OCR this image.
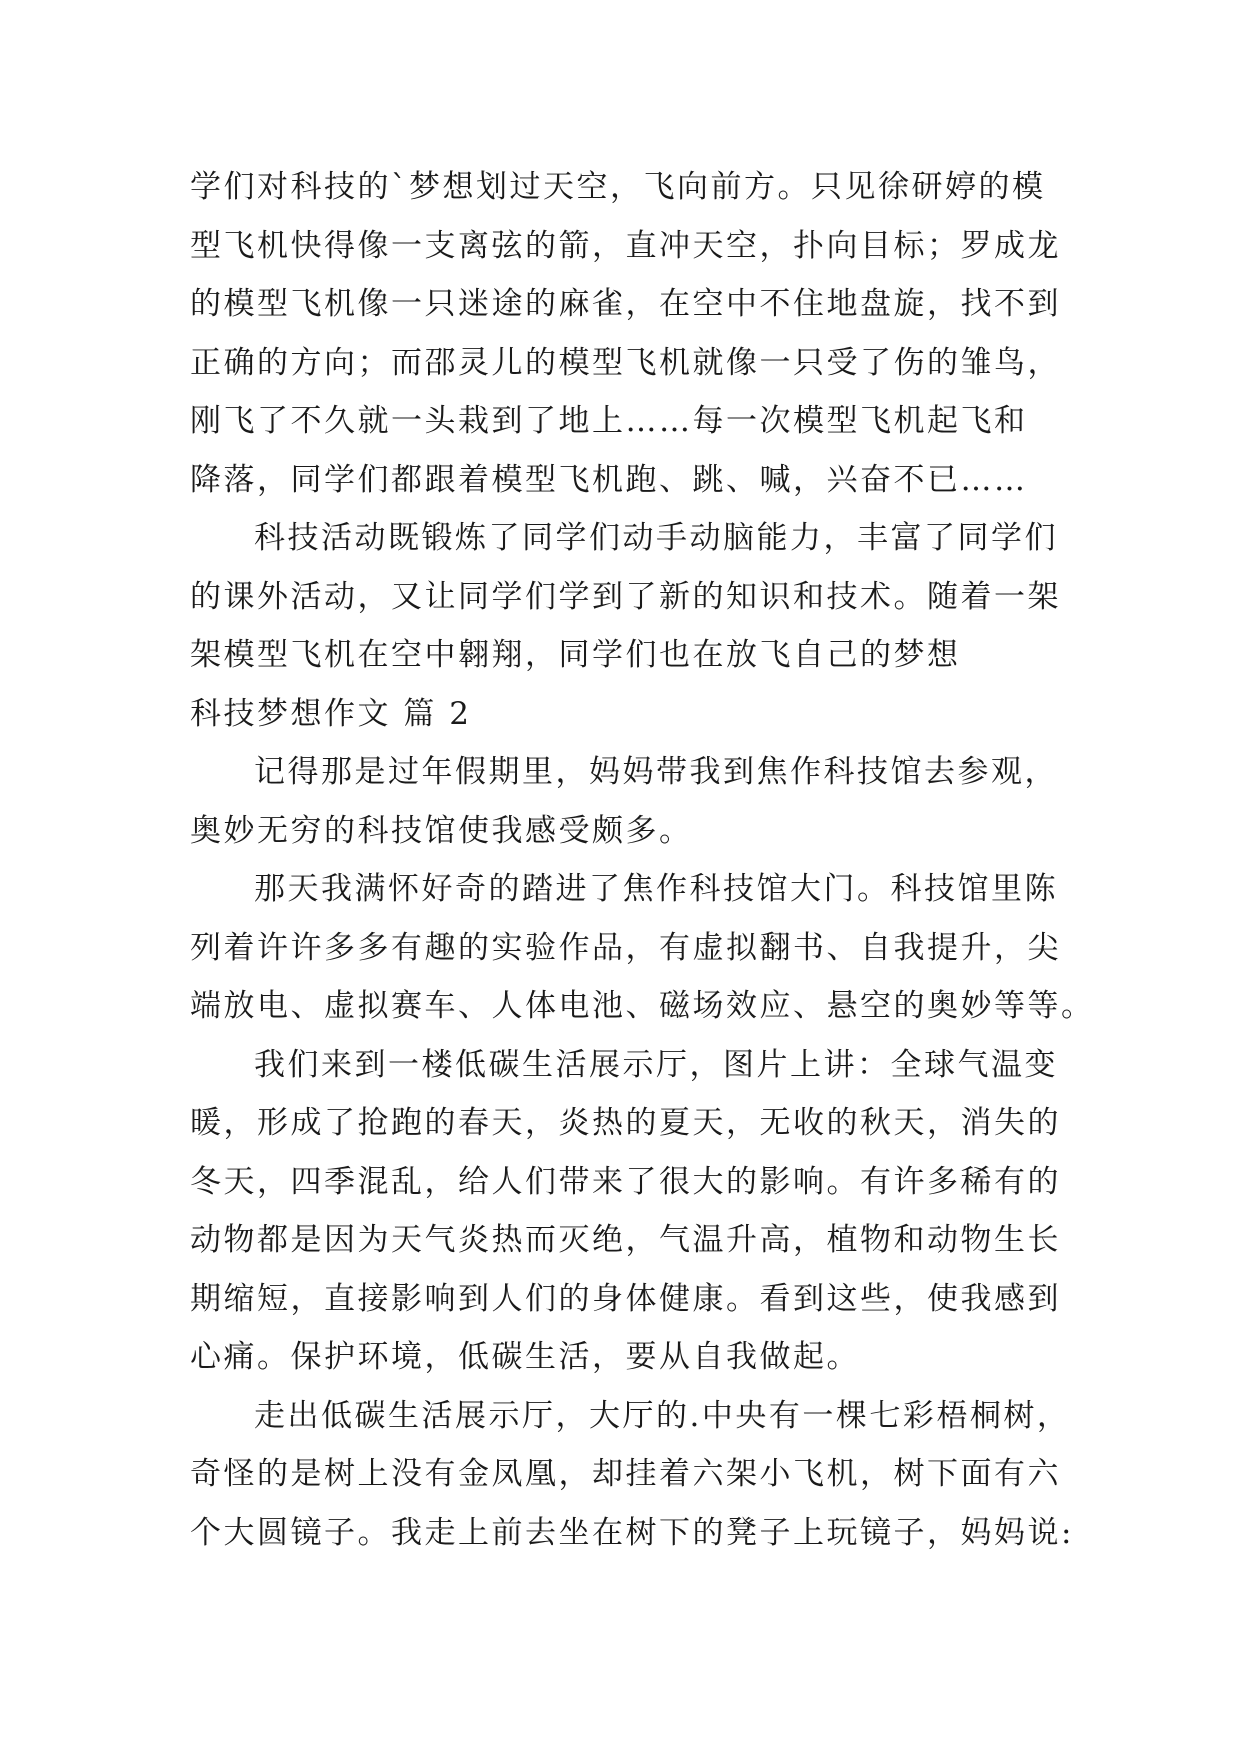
学们对科技的`梦想划过天空，飞向前方。只见徐研婷的模
型飞机快得像一支离弦的箭，直冲天空，扑向目标；罗成龙
的模型飞机像一只迷途的麻雀，在空中不住地盘旋，找不到
正确的方向；而邵灵儿的模型飞机就像一只受了伤的雏鸟，
刚飞了不久就一头栽到了地上……每一次模型飞机起飞和
降落，同学们都跟着模型飞机跑、跳、喊，兴奋不已……
科技活动既锻炼了同学们动手动脑能力，丰富了同学们
的课外活动，又让同学们学到了新的知识和技术。随着一架
架模型飞机在空中翱翔，同学们也在放飞自己的梦想
科技梦想作文 篇 2
记得那是过年假期里，妈妈带我到焦作科技馆去参观，
奥妙无穷的科技馆使我感受颇多。
那天我满怀好奇的踏进了焦作科技馆大门。科技馆里陈
列着许许多多有趣的实验作品，有虚拟翻书、自我提升，尖
端放电、虚拟赛车、人体电池、磁场效应、悬空的奥妙等等。
我们来到一楼低碳生活展示厅，图片上讲：全球气温变
暖，形成了抢跑的春天，炎热的夏天，无收的秋天，消失的
冬天，四季混乱，给人们带来了很大的影响。有许多稀有的
动物都是因为天气炎热而灭绝，气温升高，植物和动物生长
期缩短，直接影响到人们的身体健康。看到这些，使我感到
心痛。保护环境，低碳生活，要从自我做起。
走出低碳生活展示厅，大厅的.中央有一棵七彩梧桐树，
奇怪的是树上没有金凤凰，却挂着六架小飞机，树下面有六
个大圆镜子。我走上前去坐在树下的凳子上玩镜子，妈妈说:
